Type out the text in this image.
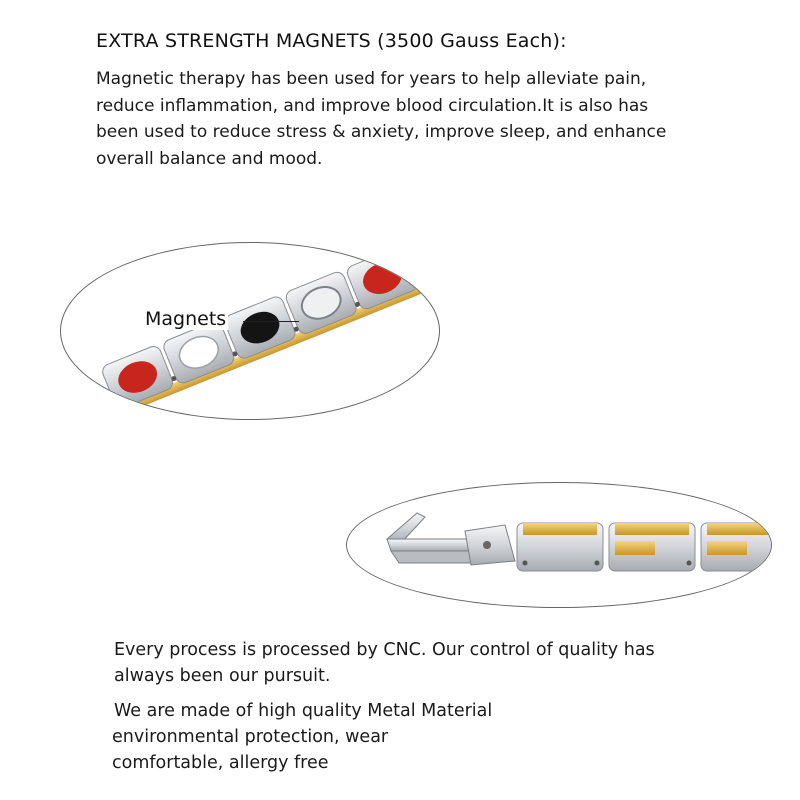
EXTRA STRENGTH MAGNETS (3500 Gauss Each):
Magnetic therapy has been used for years to help alleviate pain,
reduce inflammation, and improve blood circulation.It is also has
been used to reduce stress & anxiety, improve sleep, and enhance
overall balance and mood.
Magnets
Every process is processed by CNC. Our control of quality has
always been our pursuit.
We are made of high quality Metal Material
environmental protection, wear
comfortable, allergy free
